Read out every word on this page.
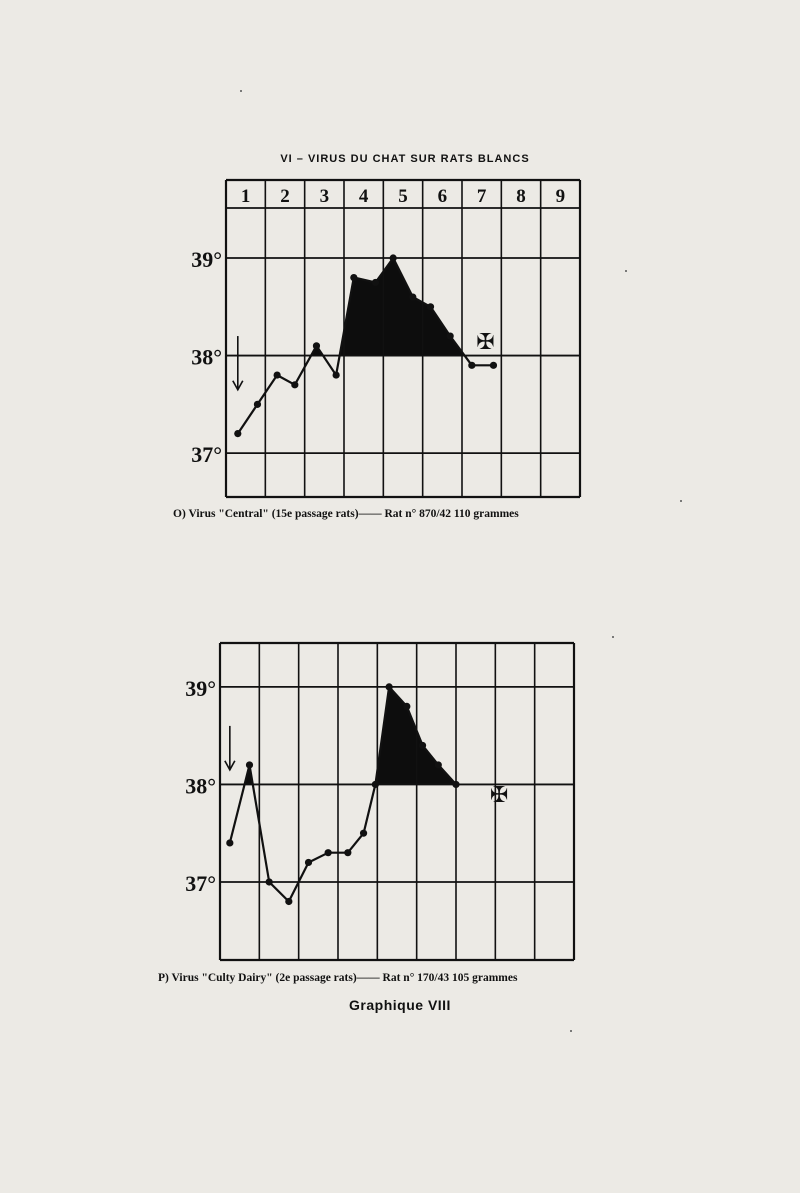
VI – VIRUS DU CHAT SUR RATS BLANCS
1 2 3 4 5 6 7 8 9
39°
38°
37°
✠
39°
38°
37°
✠
O) Virus "Central" (15e passage rats)—— Rat n° 870/42 110 grammes
P) Virus "Culty Dairy" (2e passage rats)—— Rat n° 170/43 105 grammes
Graphique VIII
